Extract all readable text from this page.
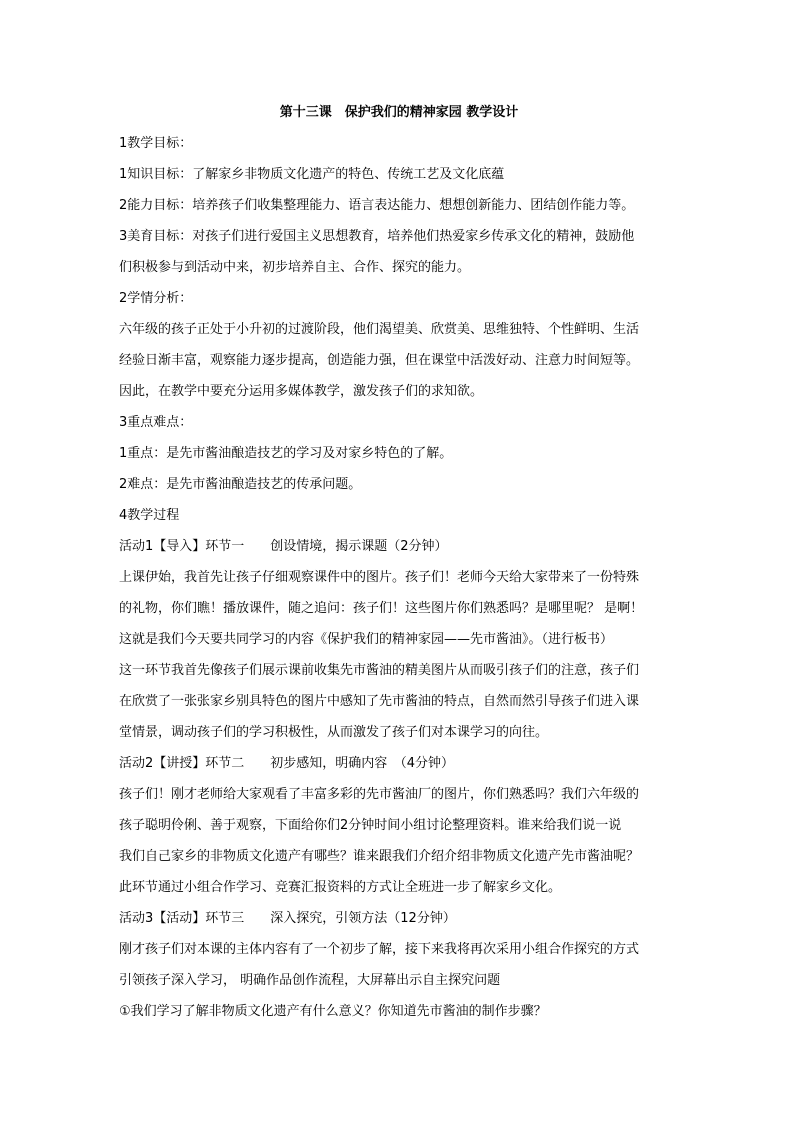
第十三课　保护我们的精神家园 教学设计

1教学目标：

1知识目标：了解家乡非物质文化遗产的特色、传统工艺及文化底蕴

2能力目标：培养孩子们收集整理能力、语言表达能力、想想创新能力、团结创作能力等。

3美育目标：对孩子们进行爱国主义思想教育，培养他们热爱家乡传承文化的精神，鼓励他

们积极参与到活动中来，初步培养自主、合作、探究的能力。

2学情分析：

六年级的孩子正处于小升初的过渡阶段，他们渴望美、欣赏美、思维独特、个性鲜明、生活

经验日渐丰富，观察能力逐步提高，创造能力强，但在课堂中活泼好动、注意力时间短等。

因此，在教学中要充分运用多媒体教学，激发孩子们的求知欲。

3重点难点：

1重点：是先市酱油酿造技艺的学习及对家乡特色的了解。

2难点：是先市酱油酿造技艺的传承问题。

4教学过程

活动1【导入】环节一　　创设情境，揭示课题（2分钟）

上课伊始，我首先让孩子仔细观察课件中的图片。孩子们！老师今天给大家带来了一份特殊

的礼物，你们瞧！播放课件，随之追问：孩子们！这些图片你们熟悉吗？是哪里呢？ 是啊！

这就是我们今天要共同学习的内容《保护我们的精神家园——先市酱油》。（进行板书）

这一环节我首先像孩子们展示课前收集先市酱油的精美图片从而吸引孩子们的注意，孩子们

在欣赏了一张张家乡别具特色的图片中感知了先市酱油的特点，自然而然引导孩子们进入课

堂情景，调动孩子们的学习积极性，从而激发了孩子们对本课学习的向往。

活动2【讲授】环节二　　初步感知，明确内容　（4分钟）

孩子们！刚才老师给大家观看了丰富多彩的先市酱油厂的图片，你们熟悉吗？我们六年级的

孩子聪明伶俐、善于观察，下面给你们2分钟时间小组讨论整理资料。谁来给我们说一说

我们自己家乡的非物质文化遗产有哪些？谁来跟我们介绍介绍非物质文化遗产先市酱油呢？

此环节通过小组合作学习、竞赛汇报资料的方式让全班进一步了解家乡文化。

活动3【活动】环节三　　深入探究，引领方法（12分钟）

刚才孩子们对本课的主体内容有了一个初步了解，接下来我将再次采用小组合作探究的方式

引领孩子深入学习， 明确作品创作流程，大屏幕出示自主探究问题

①我们学习了解非物质文化遗产有什么意义？你知道先市酱油的制作步骤？
